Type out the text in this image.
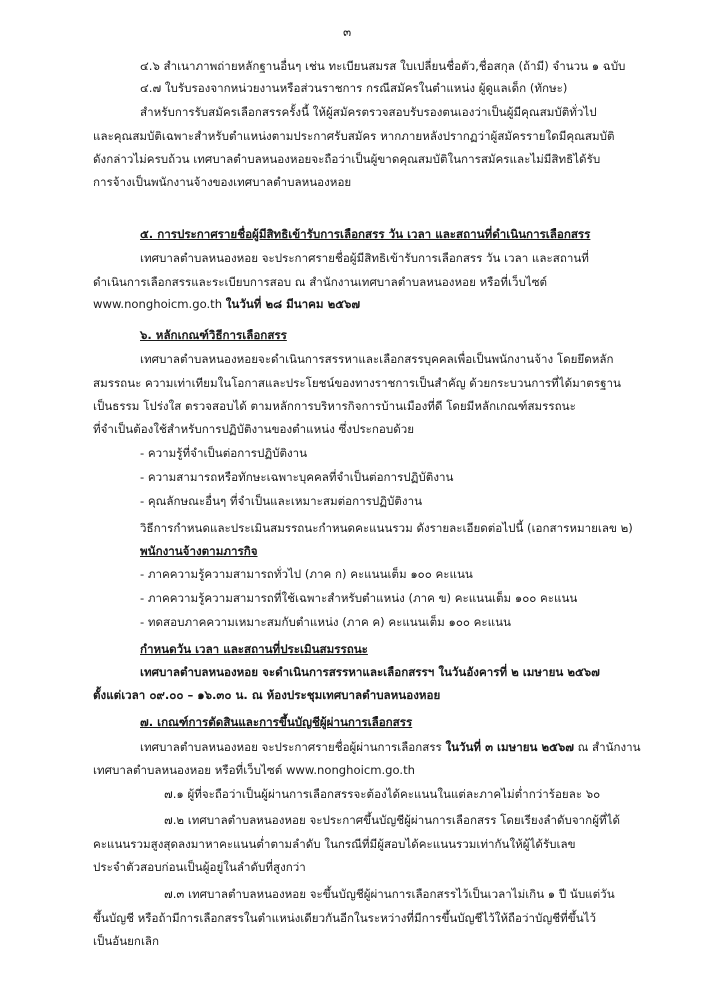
๓
๔.๖ สำเนาภาพถ่ายหลักฐานอื่นๆ เช่น ทะเบียนสมรส ใบเปลี่ยนชื่อตัว,ชื่อสกุล (ถ้ามี) จำนวน ๑ ฉบับ
๔.๗ ใบรับรองจากหน่วยงานหรือส่วนราชการ กรณีสมัครในตำแหน่ง ผู้ดูแลเด็ก (ทักษะ)
สำหรับการรับสมัครเลือกสรรครั้งนี้ ให้ผู้สมัครตรวจสอบรับรองตนเองว่าเป็นผู้มีคุณสมบัติทั่วไป
และคุณสมบัติเฉพาะสำหรับตำแหน่งตามประกาศรับสมัคร หากภายหลังปรากฏว่าผู้สมัครรายใดมีคุณสมบัติ
ดังกล่าวไม่ครบถ้วน เทศบาลตำบลหนองหอยจะถือว่าเป็นผู้ขาดคุณสมบัติในการสมัครและไม่มีสิทธิได้รับ
การจ้างเป็นพนักงานจ้างของเทศบาลตำบลหนองหอย
๕. การประกาศรายชื่อผู้มีสิทธิเข้ารับการเลือกสรร วัน เวลา และสถานที่ดำเนินการเลือกสรร
เทศบาลตำบลหนองหอย จะประกาศรายชื่อผู้มีสิทธิเข้ารับการเลือกสรร วัน เวลา และสถานที่
ดำเนินการเลือกสรรและระเบียบการสอบ ณ สำนักงานเทศบาลตำบลหนองหอย หรือที่เว็บไซต์
www.nonghoicm.go.th ในวันที่ ๒๘ มีนาคม ๒๕๖๗
๖. หลักเกณฑ์วิธีการเลือกสรร
เทศบาลตำบลหนองหอยจะดำเนินการสรรหาและเลือกสรรบุคคลเพื่อเป็นพนักงานจ้าง โดยยึดหลัก
สมรรถนะ ความเท่าเทียมในโอกาสและประโยชน์ของทางราชการเป็นสำคัญ ด้วยกระบวนการที่ได้มาตรฐาน
เป็นธรรม โปร่งใส ตรวจสอบได้ ตามหลักการบริหารกิจการบ้านเมืองที่ดี โดยมีหลักเกณฑ์สมรรถนะ
ที่จำเป็นต้องใช้สำหรับการปฏิบัติงานของตำแหน่ง ซึ่งประกอบด้วย
- ความรู้ที่จำเป็นต่อการปฏิบัติงาน
- ความสามารถหรือทักษะเฉพาะบุคคลที่จำเป็นต่อการปฏิบัติงาน
- คุณลักษณะอื่นๆ ที่จำเป็นและเหมาะสมต่อการปฏิบัติงาน
วิธีการกำหนดและประเมินสมรรถนะกำหนดคะแนนรวม ดังรายละเอียดต่อไปนี้ (เอกสารหมายเลข ๒)
พนักงานจ้างตามภารกิจ
- ภาคความรู้ความสามารถทั่วไป (ภาค ก) คะแนนเต็ม ๑๐๐ คะแนน
- ภาคความรู้ความสามารถที่ใช้เฉพาะสำหรับตำแหน่ง (ภาค ข) คะแนนเต็ม ๑๐๐ คะแนน
- ทดสอบภาคความเหมาะสมกับตำแหน่ง (ภาค ค) คะแนนเต็ม ๑๐๐ คะแนน
กำหนดวัน เวลา และสถานที่ประเมินสมรรถนะ
เทศบาลตำบลหนองหอย จะดำเนินการสรรหาและเลือกสรรฯ ในวันอังคารที่ ๒ เมษายน ๒๕๖๗
ตั้งแต่เวลา ๐๙.๐๐ – ๑๖.๓๐ น. ณ ห้องประชุมเทศบาลตำบลหนองหอย
๗. เกณฑ์การตัดสินและการขึ้นบัญชีผู้ผ่านการเลือกสรร
เทศบาลตำบลหนองหอย จะประกาศรายชื่อผู้ผ่านการเลือกสรร ในวันที่ ๓ เมษายน ๒๕๖๗ ณ สำนักงาน
เทศบาลตำบลหนองหอย หรือที่เว็บไซต์ www.nonghoicm.go.th
๗.๑ ผู้ที่จะถือว่าเป็นผู้ผ่านการเลือกสรรจะต้องได้คะแนนในแต่ละภาคไม่ต่ำกว่าร้อยละ ๖๐
๗.๒ เทศบาลตำบลหนองหอย จะประกาศขึ้นบัญชีผู้ผ่านการเลือกสรร โดยเรียงลำดับจากผู้ที่ได้
คะแนนรวมสูงสุดลงมาหาคะแนนต่ำตามลำดับ ในกรณีที่มีผู้สอบได้คะแนนรวมเท่ากันให้ผู้ได้รับเลข
ประจำตัวสอบก่อนเป็นผู้อยู่ในลำดับที่สูงกว่า
๗.๓ เทศบาลตำบลหนองหอย จะขึ้นบัญชีผู้ผ่านการเลือกสรรไว้เป็นเวลาไม่เกิน ๑ ปี นับแต่วัน
ขึ้นบัญชี หรือถ้ามีการเลือกสรรในตำแหน่งเดียวกันอีกในระหว่างที่มีการขึ้นบัญชีไว้ให้ถือว่าบัญชีที่ขึ้นไว้
เป็นอันยกเลิก
